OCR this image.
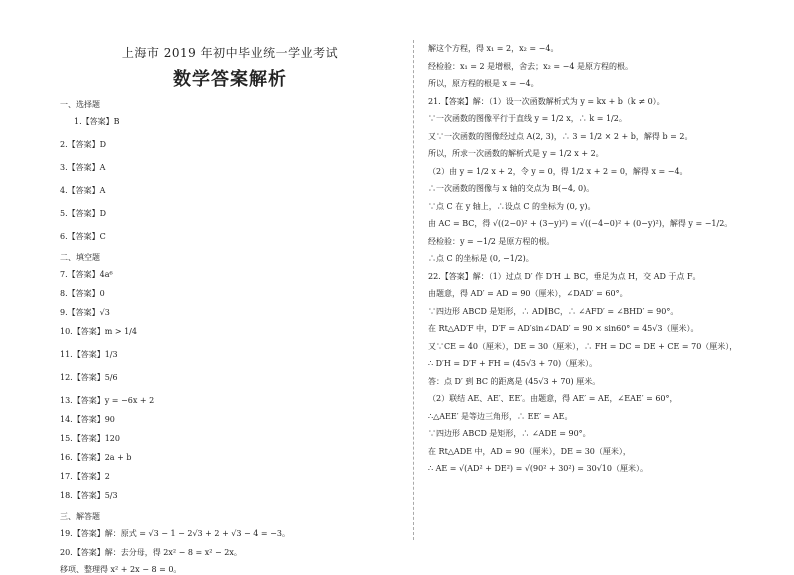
上海市 2019 年初中毕业统一学业考试
数学答案解析
一、选择题
1.【答案】B
2.【答案】D
3.【答案】A
4.【答案】A
5.【答案】D
6.【答案】C
二、填空题
7.【答案】4a⁶
8.【答案】0
9.【答案】√3
10.【答案】m > 1/4
11.【答案】1/3
12.【答案】5/6
13.【答案】y = −6x + 2
14.【答案】90
15.【答案】120
16.【答案】2a + b
17.【答案】2
18.【答案】5/3
三、解答题
19.【答案】解：原式 = √3 − 1 − 2√3 + 2 + √3 − 4 = −3。
20.【答案】解：去分母，得 2x² − 8 = x² − 2x。
移项、整理得 x² + 2x − 8 = 0。
解这个方程，得 x₁ = 2，x₂ = −4。
经检验：x₁ = 2 是增根，舍去；x₂ = −4 是原方程的根。
所以，原方程的根是 x = −4。
21.【答案】解：（1）设一次函数解析式为 y = kx + b（k ≠ 0）。
∵一次函数的图像平行于直线 y = 1/2 x，∴ k = 1/2。
又∵一次函数的图像经过点 A(2, 3)，∴ 3 = 1/2 × 2 + b，解得 b = 2。
所以，所求一次函数的解析式是 y = 1/2 x + 2。
（2）由 y = 1/2 x + 2，令 y = 0，得 1/2 x + 2 = 0，解得 x = −4。
∴一次函数的图像与 x 轴的交点为 B(−4, 0)。
∵点 C 在 y 轴上，∴设点 C 的坐标为 (0, y)。
由 AC = BC，得 √((2−0)² + (3−y)²) = √((−4−0)² + (0−y)²)，解得 y = −1/2。
经检验：y = −1/2 是原方程的根。
∴点 C 的坐标是 (0, −1/2)。
22.【答案】解：（1）过点 D′ 作 D′H ⊥ BC，垂足为点 H，交 AD 于点 F。
由题意，得 AD′ = AD = 90（厘米），∠DAD′ = 60°。
∵四边形 ABCD 是矩形，∴ AD∥BC，∴ ∠AFD′ = ∠BHD′ = 90°。
在 Rt△AD′F 中，D′F = AD′sin∠DAD′ = 90 × sin60° = 45√3（厘米）。
又∵CE = 40（厘米），DE = 30（厘米），∴ FH = DC = DE + CE = 70（厘米），
∴ D′H = D′F + FH = (45√3 + 70)（厘米）。
答：点 D′ 到 BC 的距离是 (45√3 + 70) 厘米。
（2）联结 AE、AE′、EE′。由题意，得 AE′ = AE，∠EAE′ = 60°，
∴△AEE′ 是等边三角形，∴ EE′ = AE。
∵四边形 ABCD 是矩形，∴ ∠ADE = 90°。
在 Rt△ADE 中，AD = 90（厘米），DE = 30（厘米），
∴ AE = √(AD² + DE²) = √(90² + 30²) = 30√10（厘米）。
